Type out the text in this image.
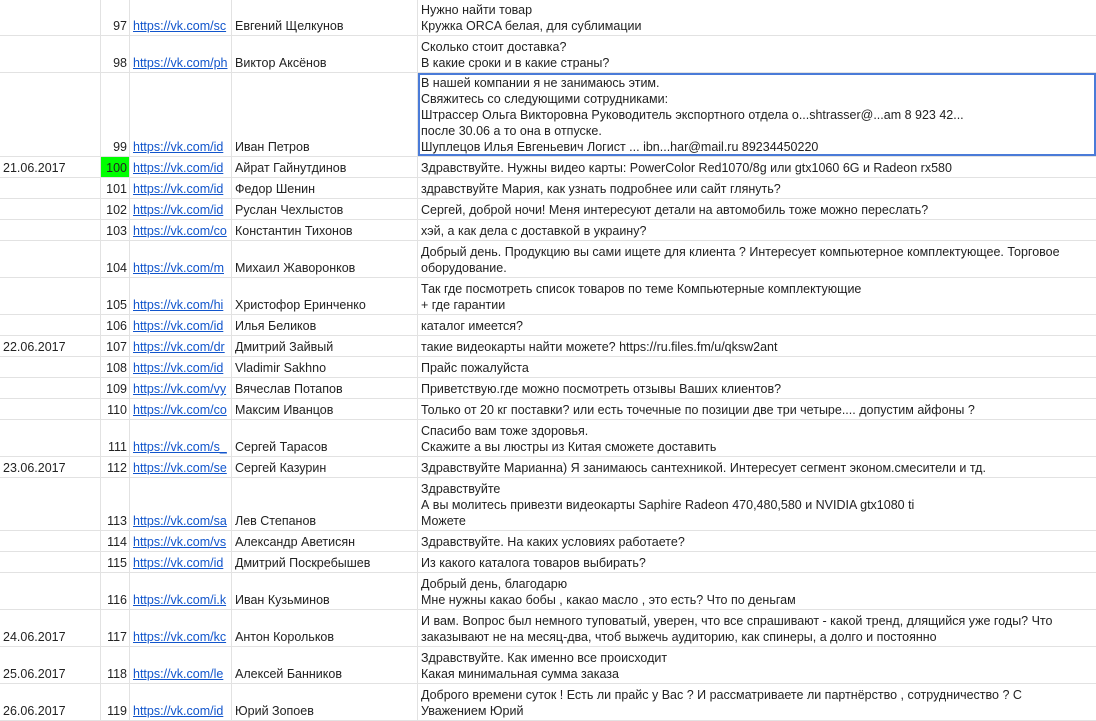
97 https://vk.com/sc Евгений Щелкунов
Нужно найти товар
Кружка ORCA белая, для сублимации
98 https://vk.com/ph Виктор Аксёнов
Сколько стоит доставка?
В какие сроки и в какие страны?
99 https://vk.com/id Иван Петров
В нашей компании я не занимаюсь этим.
Свяжитесь со следующими сотрудниками:
Штрассер Ольга Викторовна Руководитель экспортного отдела o...shtrasser@...am 8 923 42...
после 30.06 а то она в отпуске.
Шуплецов Илья Евгеньевич Логист ... ibn...har@mail.ru 89234450220
21.06.2017	100 https://vk.com/id Айрат Гайнутдинов	Здравствуйте. Нужны видео карты: PowerColor Red1070/8g или gtx1060 6G и Radeon rx580
101 https://vk.com/id Федор Шенин	здравствуйте Мария, как узнать подробнее или сайт глянуть?
102 https://vk.com/id Руслан Чехлыстов	Сергей, доброй ночи! Меня интересуют детали на автомобиль тоже можно переслать?
103 https://vk.com/co Константин Тихонов	хэй, а как дела с доставкой в украину?
104 https://vk.com/m Михаил Жаворонков
Добрый день. Продукцию вы сами ищете для клиента ? Интересует компьютерное комплектующее. Торговое
оборудование.
105 https://vk.com/hi Христофор Еринченко
Так где посмотреть список товаров по теме Компьютерные комплектующие
+ где гарантии
106 https://vk.com/id Илья Беликов	каталог имеется?
22.06.2017	107 https://vk.com/dr Дмитрий Зайвый	такие видеокарты найти можете? https://ru.files.fm/u/qksw2ant
108 https://vk.com/id Vladimir Sakhno	Прайс пожалуйста
109 https://vk.com/vy Вячеслав Потапов	Приветствую.где можно посмотреть отзывы Ваших клиентов?
110 https://vk.com/co Максим Иванцов	Только от 20 кг поставки? или есть точечные по позиции две три четыре.... допустим айфоны ?
111 https://vk.com/s_ Сергей Тарасов
Спасибо вам тоже здоровья.
Скажите а вы люстры из Китая сможете доставить
23.06.2017	112 https://vk.com/se Сергей Казурин	Здравствуйте Марианна) Я занимаюсь сантехникой. Интересует сегмент эконом.смесители и тд.
113 https://vk.com/sa Лев Степанов
Здравствуйте
А вы молитесь привезти видеокарты Saphire Radeon 470,480,580 и NVIDIA gtx1080 ti
Можете
114 https://vk.com/vs Александр Аветисян	Здравствуйте. На каких условиях работаете?
115 https://vk.com/id Дмитрий Поскребышев	Из какого каталога товаров выбирать?
116 https://vk.com/i.k Иван Кузьминов
Добрый день, благодарю
Мне нужны какао бобы , какао масло , это есть? Что по деньгам
24.06.2017	117 https://vk.com/kc Антон Корольков
И вам. Вопрос был немного туповатый, уверен, что все спрашивают - какой тренд, длящийся уже годы? Что
заказывают не на месяц-два, чтоб выжечь аудиторию, как спинеры, а долго и постоянно
25.06.2017	118 https://vk.com/le Алексей Банников
Здравствуйте. Как именно все происходит
Какая минимальная сумма заказа
26.06.2017	119 https://vk.com/id Юрий Зопоев
Доброго времени суток ! Есть ли прайс у Вас ? И рассматриваете ли партнёрство , сотрудничество ? С
Уважением Юрий
